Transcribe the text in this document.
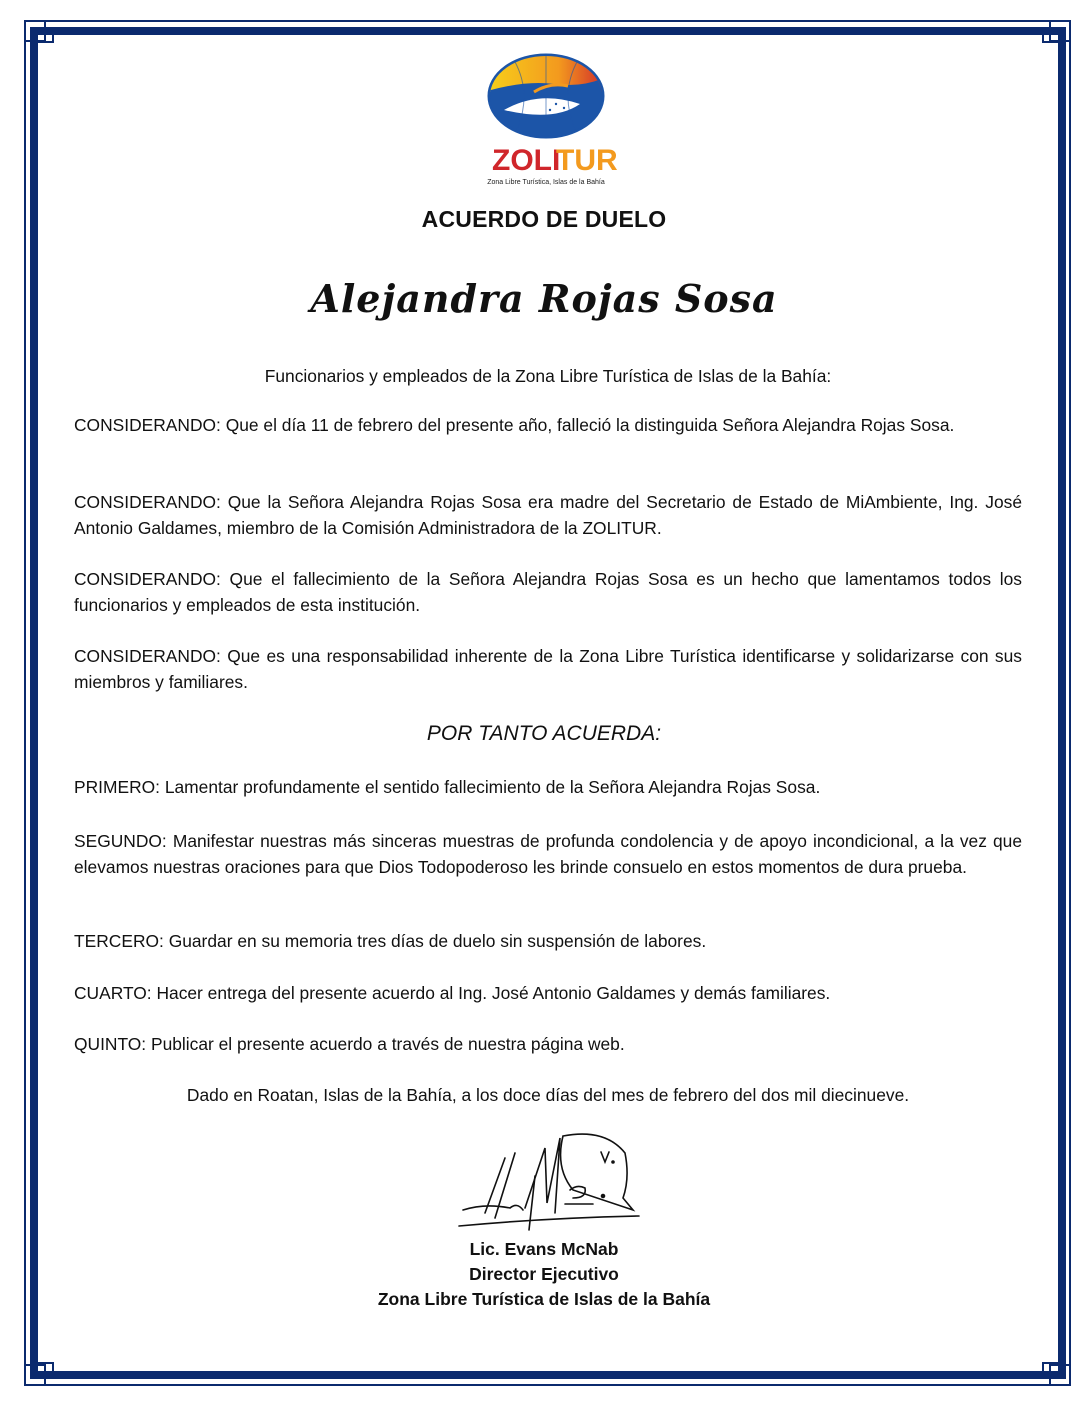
ZOLI
TUR
Zona Libre Turística, Islas de la Bahía
ACUERDO DE DUELO
Alejandra Rojas Sosa
Funcionarios y empleados de la Zona Libre Turística de Islas de la Bahía:
CONSIDERANDO: Que el día 11 de febrero del presente año, falleció la distinguida Señora Alejandra Rojas Sosa.
CONSIDERANDO: Que la Señora Alejandra Rojas Sosa era madre del Secretario de Estado de MiAmbiente, Ing. José Antonio Galdames, miembro de la Comisión Administradora de la ZOLITUR.
CONSIDERANDO: Que el fallecimiento de la Señora Alejandra Rojas Sosa es un hecho que lamentamos todos los funcionarios y empleados de esta institución.
CONSIDERANDO: Que es una responsabilidad inherente de la Zona Libre Turística identificarse y solidarizarse con sus miembros y familiares.
POR TANTO ACUERDA:
PRIMERO: Lamentar profundamente el sentido fallecimiento de la Señora Alejandra Rojas Sosa.
SEGUNDO: Manifestar nuestras más sinceras muestras de profunda condolencia y de apoyo incondicional, a la vez que elevamos nuestras oraciones para que Dios Todopoderoso les brinde consuelo en estos momentos de dura prueba.
TERCERO: Guardar en su memoria tres días de duelo sin suspensión de labores.
CUARTO: Hacer entrega del presente acuerdo al Ing. José Antonio Galdames y demás familiares.
QUINTO: Publicar el presente acuerdo a través de nuestra página web.
Dado en Roatan, Islas de la Bahía, a los doce días del mes de febrero del dos mil diecinueve.
Lic. Evans McNab
Director Ejecutivo
Zona Libre Turística de Islas de la Bahía
